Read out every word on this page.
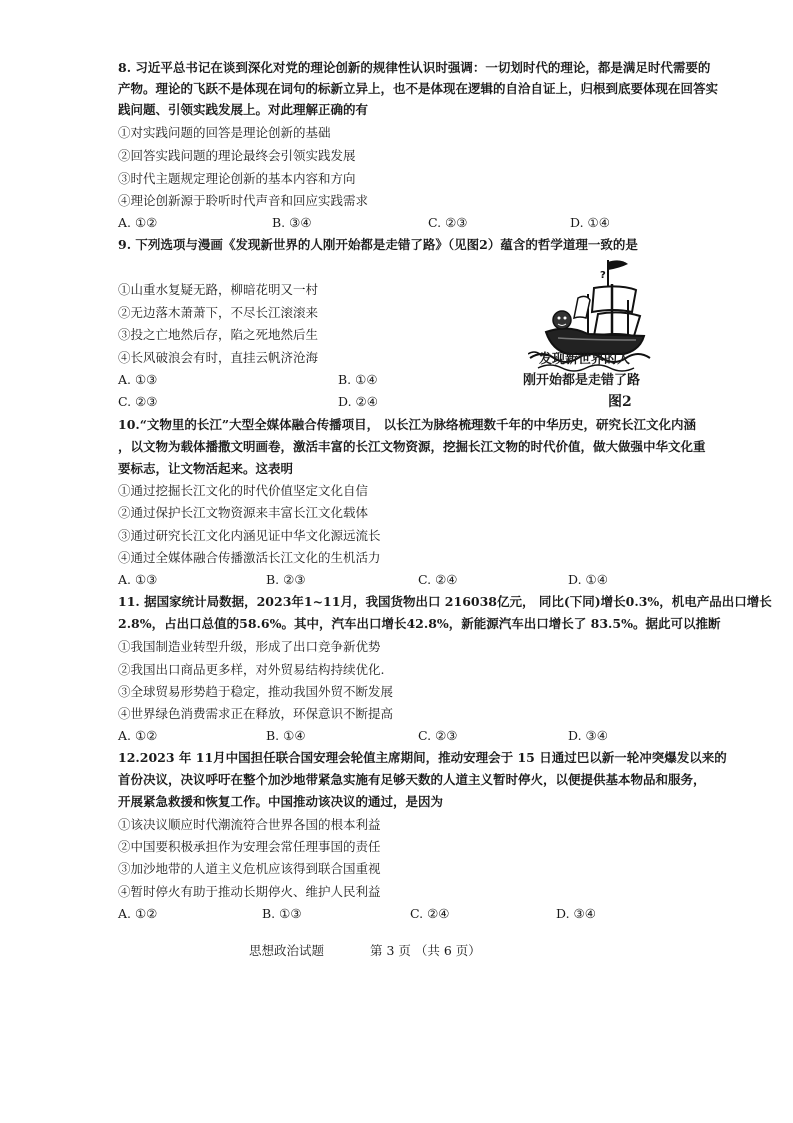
8. 习近平总书记在谈到深化对党的理论创新的规律性认识时强调：一切划时代的理论，都是满足时代需要的
产物。理论的飞跃不是体现在词句的标新立异上，也不是体现在逻辑的自洽自证上，归根到底要体现在回答实
践问题、引领实践发展上。对此理解正确的有
①对实践问题的回答是理论创新的基础
②回答实践问题的理论最终会引领实践发展
③时代主题规定理论创新的基本内容和方向
④理论创新源于聆听时代声音和回应实践需求
A. ①②	B. ③④	C. ②③	D. ①④
9. 下列选项与漫画《发现新世界的人刚开始都是走错了路》（见图2）蕴含的哲学道理一致的是
①山重水复疑无路，柳暗花明又一村
②无边落木萧萧下，不尽长江滚滚来
③投之亡地然后存，陷之死地然后生
④长风破浪会有时，直挂云帆济沧海
A. ①③	B. ①④
C. ②③	D. ②④
?
发现新世界的人
刚开始都是走错了路
图2
10.“文物里的长江”大型全媒体融合传播项目， 以长江为脉络梳理数千年的中华历史，研究长江文化内涵
，以文物为载体播撒文明画卷，激活丰富的长江文物资源，挖掘长江文物的时代价值，做大做强中华文化重
要标志，让文物活起来。这表明
①通过挖掘长江文化的时代价值坚定文化自信
②通过保护长江文物资源来丰富长江文化载体
③通过研究长江文化内涵见证中华文化源远流长
④通过全媒体融合传播激活长江文化的生机活力
A. ①③	B. ②③	C. ②④	D. ①④
11. 据国家统计局数据，2023年1~11月，我国货物出口 216038亿元， 同比(下同)增长0.3%，机电产品出口增长
2.8%，占出口总值的58.6%。其中，汽车出口增长42.8%，新能源汽车出口增长了 83.5%。据此可以推断
①我国制造业转型升级，形成了出口竞争新优势
②我国出口商品更多样，对外贸易结构持续优化.
③全球贸易形势趋于稳定，推动我国外贸不断发展
④世界绿色消费需求正在释放，环保意识不断提高
A. ①②	B. ①④	C. ②③	D. ③④
12.2023 年 11月中国担任联合国安理会轮值主席期间，推动安理会于 15 日通过巴以新一轮冲突爆发以来的
首份决议，决议呼吁在整个加沙地带紧急实施有足够天数的人道主义暂时停火，以便提供基本物品和服务，
开展紧急救援和恢复工作。中国推动该决议的通过，是因为
①该决议顺应时代潮流符合世界各国的根本利益
②中国要积极承担作为安理会常任理事国的责任
③加沙地带的人道主义危机应该得到联合国重视
④暂时停火有助于推动长期停火、维护人民利益
A. ①②	B. ①③	C. ②④	D. ③④
思想政治试题	第 3 页 （共 6 页）
